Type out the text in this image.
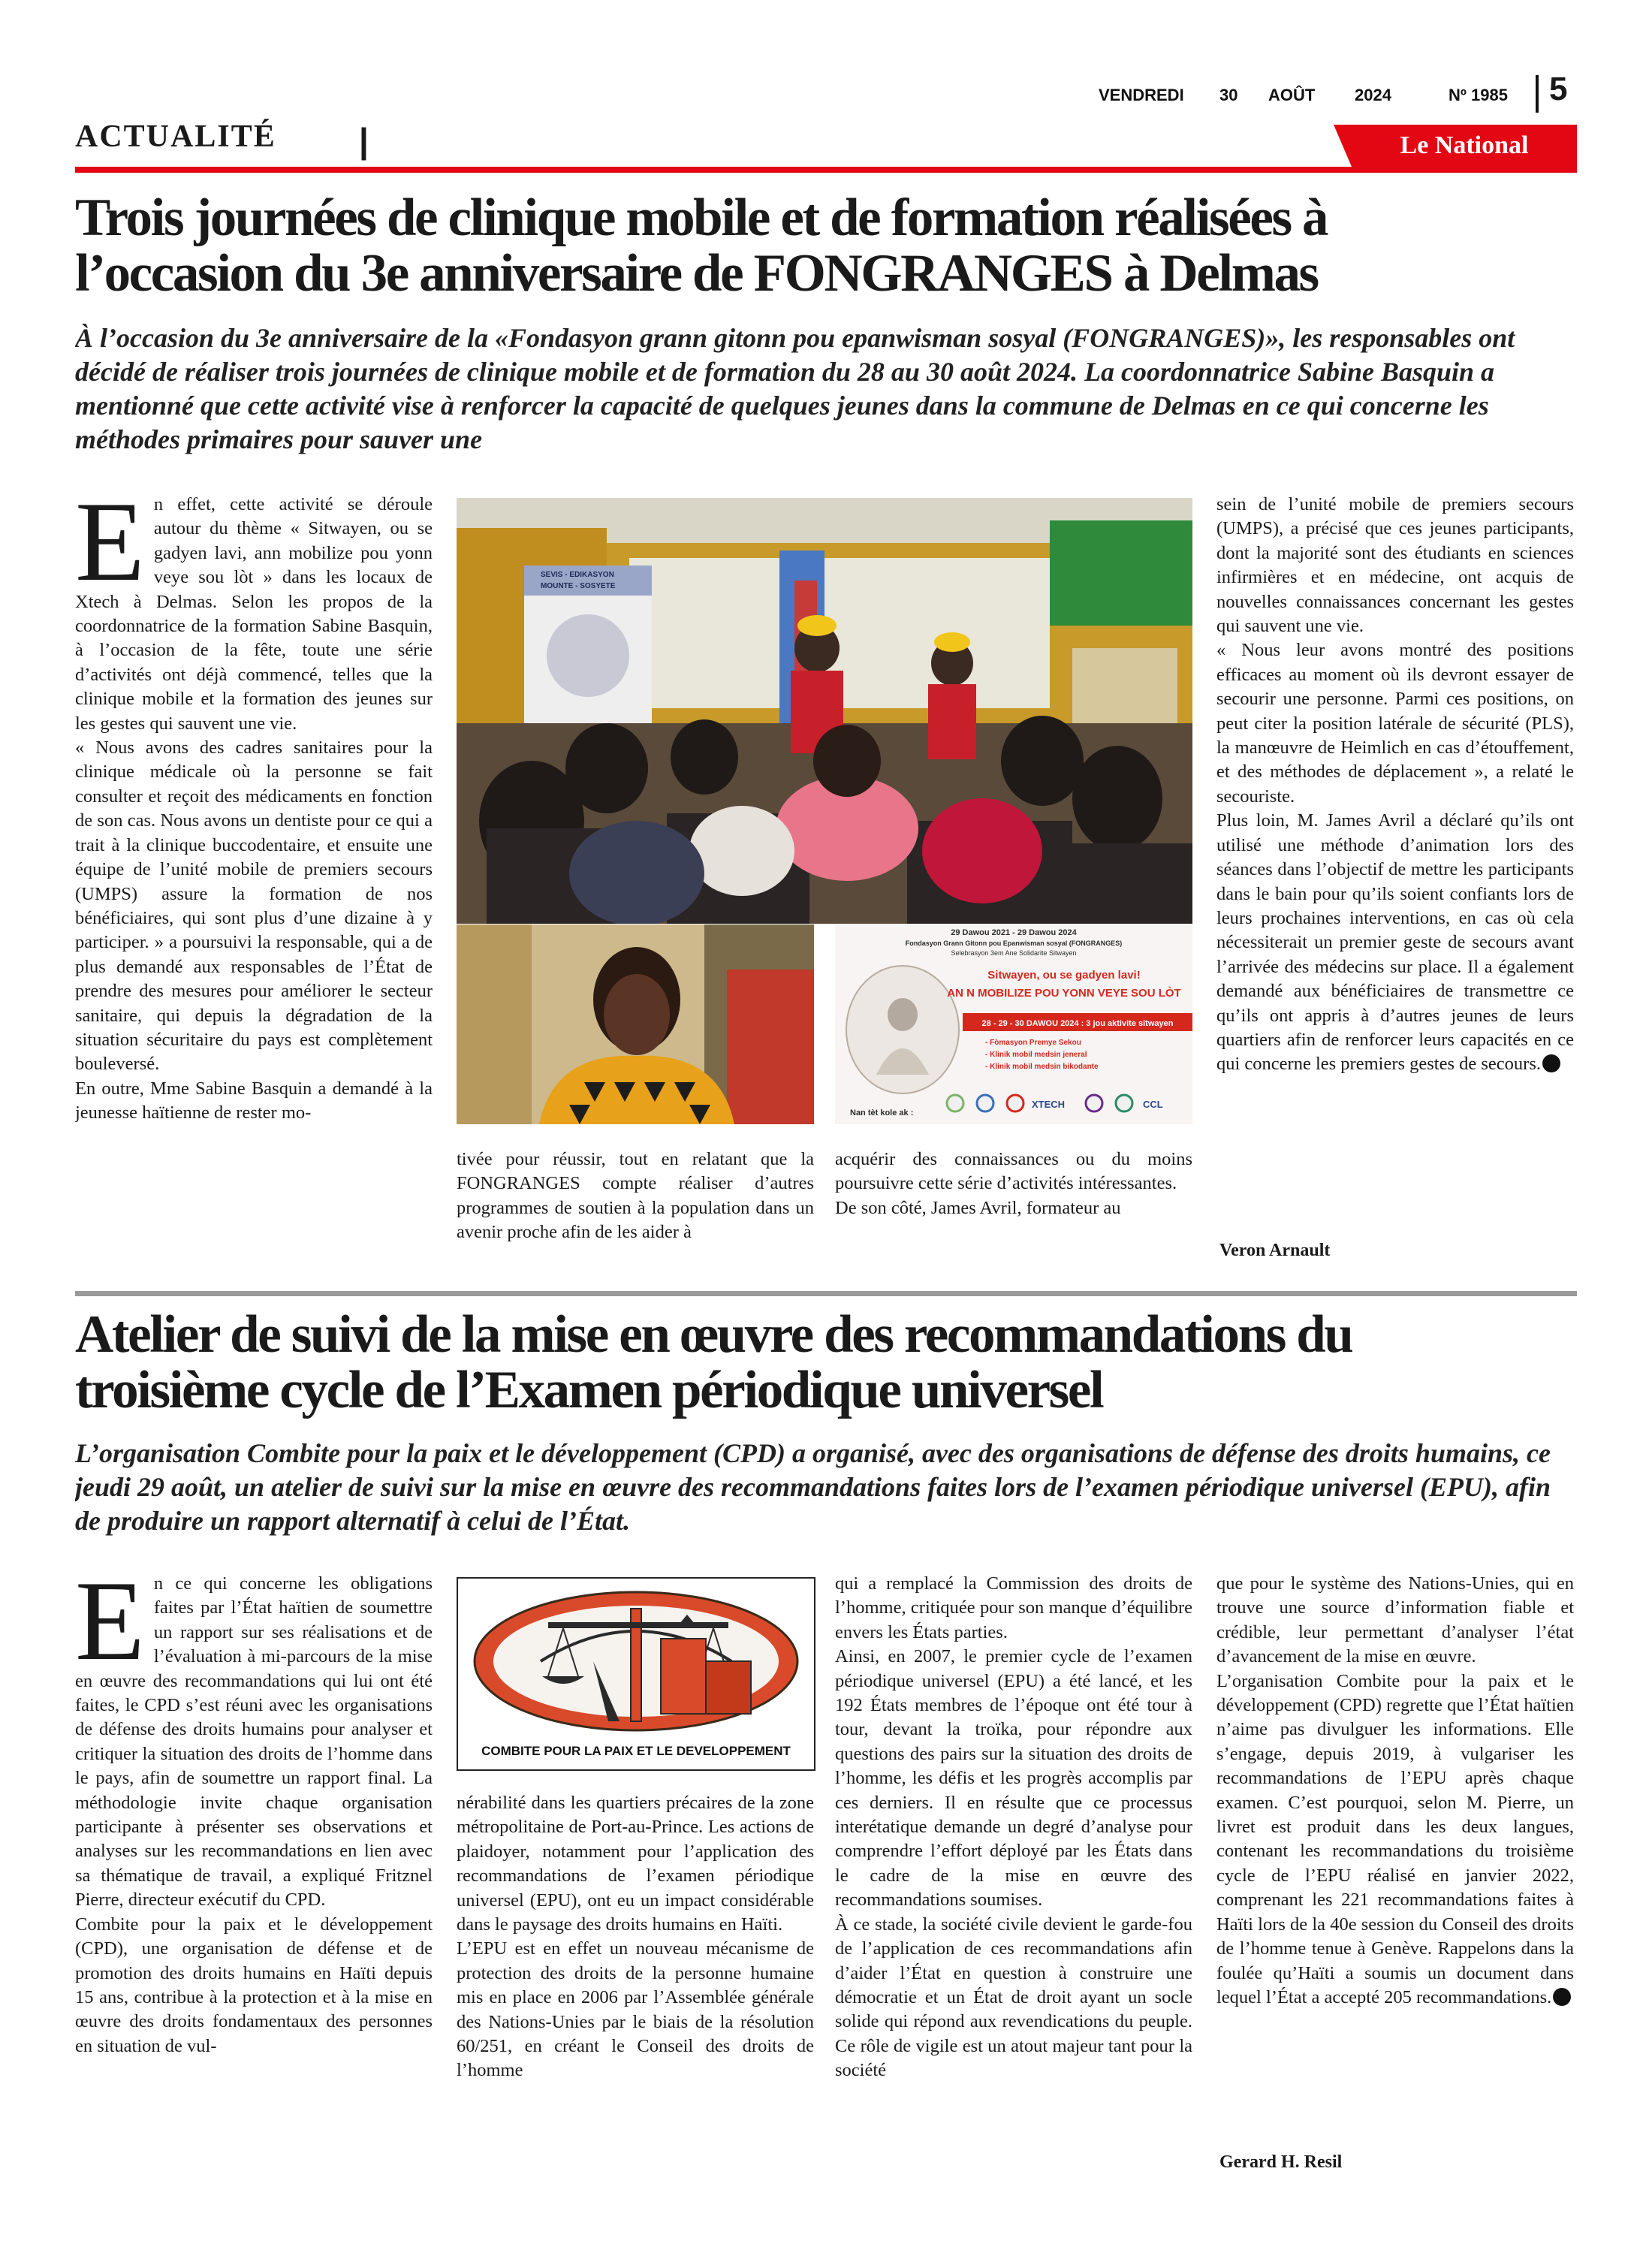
VENDREDI 30 AOÛT 2024	Nº 1985 5
ACTUALITÉ |	Le National
Trois journées de clinique mobile et de formation réalisées à
l’occasion du 3e anniversaire de FONGRANGES à Delmas
À l’occasion du 3e anniversaire de la «Fondasyon grann gitonn pou epanwisman sosyal (FONGRANGES)», les responsables ont décidé de réaliser trois journées de clinique mobile et de formation du 28 au 30 août 2024. La coordonnatrice Sabine Basquin a mentionné que cette activité vise à renforcer la capacité de quelques jeunes dans la commune de Delmas en ce qui concerne les méthodes primaires pour sauver une

En effet, cette activité se déroule autour du thème « Sitwayen, ou se gadyen lavi, ann mobilize pou yonn veye sou lòt » dans les locaux de Xtech à Delmas. Selon les propos de la coordonnatrice de la formation Sabine Basquin, à l’occasion de la fête, toute une série d’activités ont déjà commencé, telles que la clinique mobile et la formation des jeunes sur les gestes qui sauvent une vie.

« Nous avons des cadres sanitaires pour la clinique médicale où la personne se fait consulter et reçoit des médicaments en fonction de son cas. Nous avons un dentiste pour ce qui a trait à la clinique buccodentaire, et ensuite une équipe de l’unité mobile de premiers secours (UMPS) assure la formation de nos bénéficiaires, qui sont plus d’une dizaine à y participer. » a poursuivi la responsable, qui a de plus demandé aux responsables de l’État de prendre des mesures pour améliorer le secteur sanitaire, qui depuis la dégradation de la situation sécuritaire du pays est complètement bouleversé.

En outre, Mme Sabine Basquin a demandé à la jeunesse haïtienne de rester mo-

SEVIS - EDIKASYON
MOUNTE - SOSYETE
29 Dawou 2021 - 29 Dawou 2024
Fondasyon Grann Gitonn pou Epanwisman sosyal (FONGRANGES)
Selebrasyon 3em Ane Solidarite Sitwayen
Sitwayen, ou se gadyen lavi!
AN N MOBILIZE POU YONN VEYE SOU LÒT
28 - 29 - 30 DAWOU 2024 : 3 jou aktivite sitwayen
- Fòmasyon Premye Sekou
- Klinik mobil medsin jeneral
- Klinik mobil medsin bikodante
Nan tèt kole ak :
XTECH	CCL

tivée pour réussir, tout en relatant que la FONGRANGES compte réaliser d’autres programmes de soutien à la population dans un avenir proche afin de les aider à

acquérir des connaissances ou du moins poursuivre cette série d’activités intéressantes.

De son côté, James Avril, formateur au

sein de l’unité mobile de premiers secours (UMPS), a précisé que ces jeunes participants, dont la majorité sont des étudiants en sciences infirmières et en médecine, ont acquis de nouvelles connaissances concernant les gestes qui sauvent une vie.

« Nous leur avons montré des positions efficaces au moment où ils devront essayer de secourir une personne. Parmi ces positions, on peut citer la position latérale de sécurité (PLS), la manœuvre de Heimlich en cas d’étouffement, et des méthodes de déplacement », a relaté le secouriste.

Plus loin, M. James Avril a déclaré qu’ils ont utilisé une méthode d’animation lors des séances dans l’objectif de mettre les participants dans le bain pour qu’ils soient confiants lors de leurs prochaines interventions, en cas où cela nécessiterait un premier geste de secours avant l’arrivée des médecins sur place. Il a également demandé aux bénéficiaires de transmettre ce qu’ils ont appris à d’autres jeunes de leurs quartiers afin de renforcer leurs capacités en ce qui concerne les premiers gestes de secours.

Veron Arnault
Atelier de suivi de la mise en œuvre des recommandations du
troisième cycle de l’Examen périodique universel
L’organisation Combite pour la paix et le développement (CPD) a organisé, avec des organisations de défense des droits humains, ce jeudi 29 août, un atelier de suivi sur la mise en œuvre des recommandations faites lors de l’examen périodique universel (EPU), afin de produire un rapport alternatif à celui de l’État.

En ce qui concerne les obligations faites par l’État haïtien de soumettre un rapport sur ses réalisations et de l’évaluation à mi-parcours de la mise en œuvre des recommandations qui lui ont été faites, le CPD s’est réuni avec les organisations de défense des droits humains pour analyser et critiquer la situation des droits de l’homme dans le pays, afin de soumettre un rapport final. La méthodologie invite chaque organisation participante à présenter ses observations et analyses sur les recommandations en lien avec sa thématique de travail, a expliqué Fritznel Pierre, directeur exécutif du CPD.

Combite pour la paix et le développement (CPD), une organisation de défense et de promotion des droits humains en Haïti depuis 15 ans, contribue à la protection et à la mise en œuvre des droits fondamentaux des personnes en situation de vul-

COMBITE POUR LA PAIX ET LE DEVELOPPEMENT

nérabilité dans les quartiers précaires de la zone métropolitaine de Port-au-Prince. Les actions de plaidoyer, notamment pour l’application des recommandations de l’examen périodique universel (EPU), ont eu un impact considérable dans le paysage des droits humains en Haïti.

L’EPU est en effet un nouveau mécanisme de protection des droits de la personne humaine mis en place en 2006 par l’Assemblée générale des Nations-Unies par le biais de la résolution 60/251, en créant le Conseil des droits de l’homme

qui a remplacé la Commission des droits de l’homme, critiquée pour son manque d’équilibre envers les États parties.

Ainsi, en 2007, le premier cycle de l’examen périodique universel (EPU) a été lancé, et les 192 États membres de l’époque ont été tour à tour, devant la troïka, pour répondre aux questions des pairs sur la situation des droits de l’homme, les défis et les progrès accomplis par ces derniers. Il en résulte que ce processus interétatique demande un degré d’analyse pour comprendre l’effort déployé par les États dans le cadre de la mise en œuvre des recommandations soumises.

À ce stade, la société civile devient le garde-fou de l’application de ces recommandations afin d’aider l’État en question à construire une démocratie et un État de droit ayant un socle solide qui répond aux revendications du peuple. Ce rôle de vigile est un atout majeur tant pour la société

que pour le système des Nations-Unies, qui en trouve une source d’information fiable et crédible, leur permettant d’analyser l’état d’avancement de la mise en œuvre.

L’organisation Combite pour la paix et le développement (CPD) regrette que l’État haïtien n’aime pas divulguer les informations. Elle s’engage, depuis 2019, à vulgariser les recommandations de l’EPU après chaque examen. C’est pourquoi, selon M. Pierre, un livret est produit dans les deux langues, contenant les recommandations du troisième cycle de l’EPU réalisé en janvier 2022, comprenant les 221 recommandations faites à Haïti lors de la 40e session du Conseil des droits de l’homme tenue à Genève. Rappelons dans la foulée qu’Haïti a soumis un document dans lequel l’État a accepté 205 recommandations.

Gerard H. Resil
